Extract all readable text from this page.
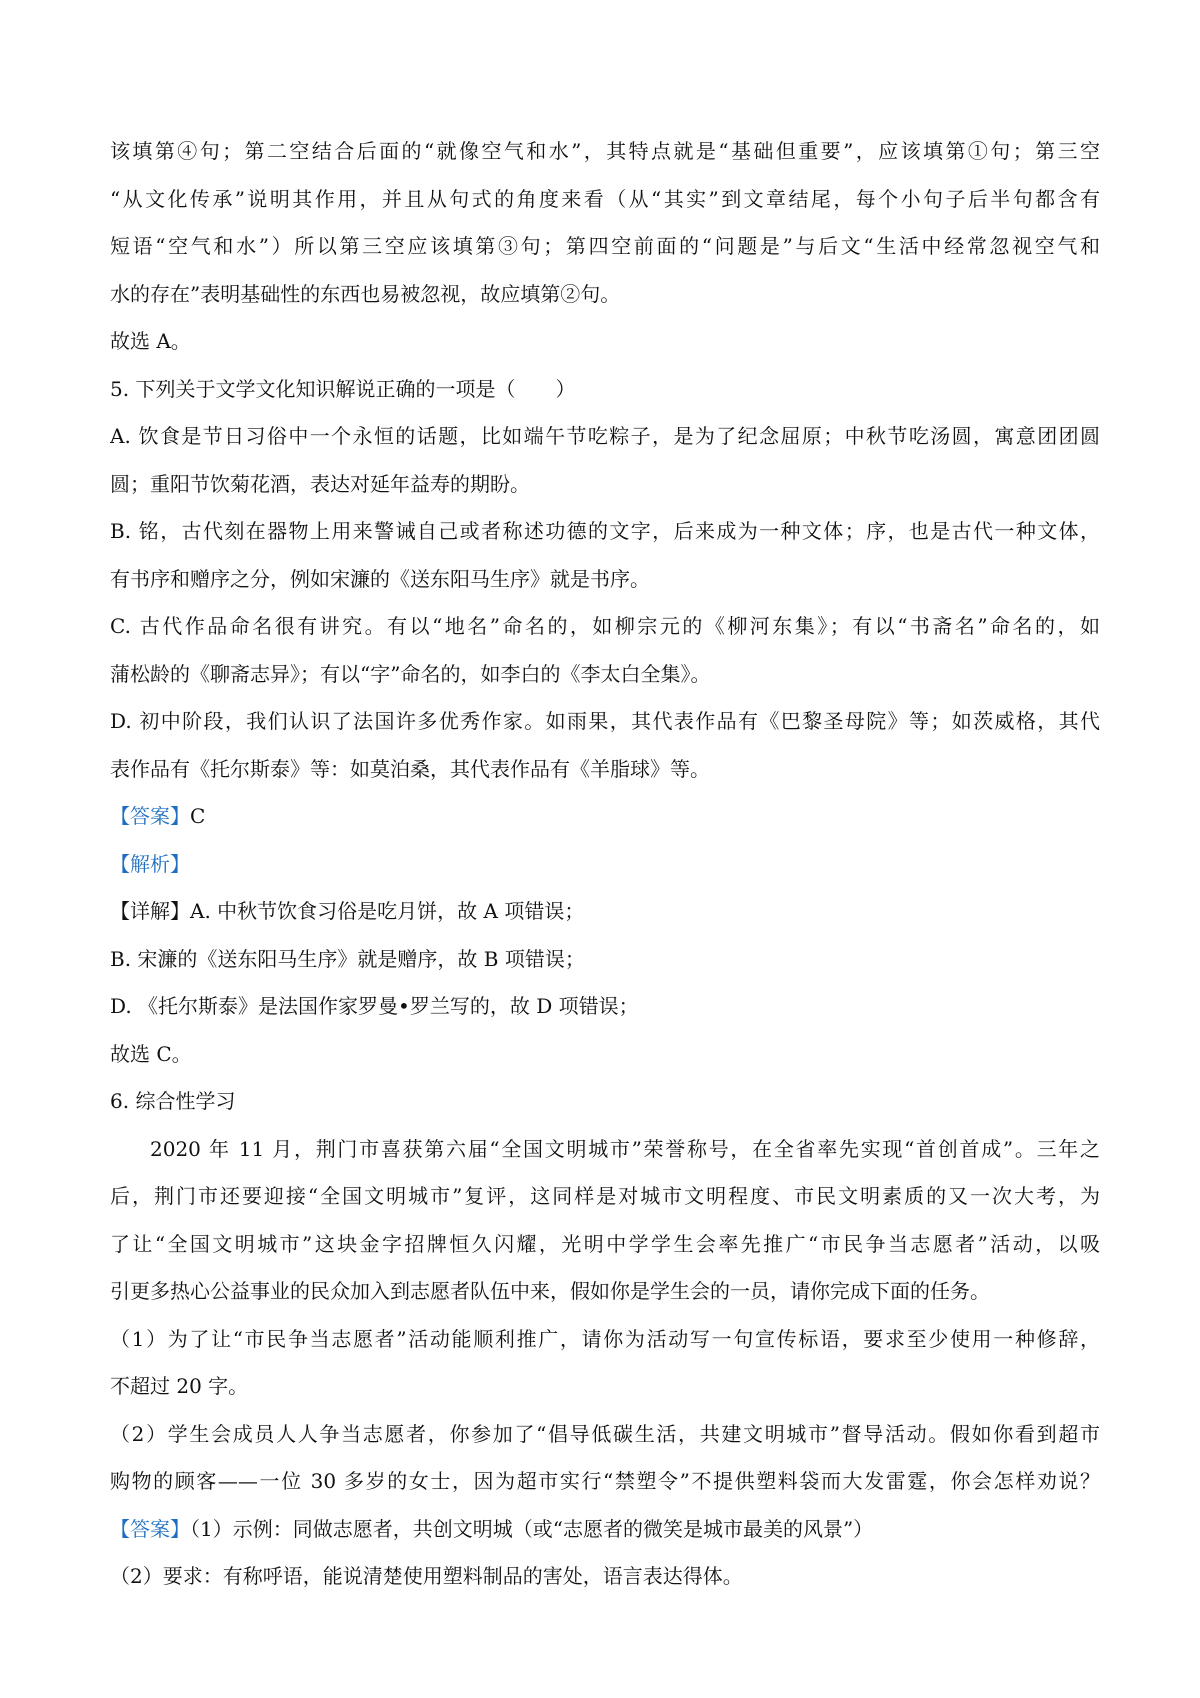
该填第④句；第二空结合后面的“就像空气和水”，其特点就是“基础但重要”，应该填第①句；第三空

“从文化传承”说明其作用，并且从句式的角度来看（从“其实”到文章结尾，每个小句子后半句都含有

短语“空气和水”）所以第三空应该填第③句；第四空前面的“问题是”与后文“生活中经常忽视空气和

水的存在”表明基础性的东西也易被忽视，故应填第②句。

故选 A。

5. 下列关于文学文化知识解说正确的一项是（　　）

A. 饮食是节日习俗中一个永恒的话题，比如端午节吃粽子，是为了纪念屈原；中秋节吃汤圆，寓意团团圆

圆；重阳节饮菊花酒，表达对延年益寿的期盼。

B. 铭，古代刻在器物上用来警诫自己或者称述功德的文字，后来成为一种文体；序，也是古代一种文体，

有书序和赠序之分，例如宋濂的《送东阳马生序》就是书序。

C. 古代作品命名很有讲究。有以“地名”命名的，如柳宗元的《柳河东集》；有以“书斋名”命名的，如

蒲松龄的《聊斋志异》；有以“字”命名的，如李白的《李太白全集》。

D. 初中阶段，我们认识了法国许多优秀作家。如雨果，其代表作品有《巴黎圣母院》等；如茨威格，其代

表作品有《托尔斯泰》等：如莫泊桑，其代表作品有《羊脂球》等。

【答案】C

【解析】

【详解】A. 中秋节饮食习俗是吃月饼，故 A 项错误；

B. 宋濂的《送东阳马生序》就是赠序，故 B 项错误；

D. 《托尔斯泰》是法国作家罗曼•罗兰写的，故 D 项错误；

故选 C。

6. 综合性学习

2020 年 11 月，荆门市喜获第六届“全国文明城市”荣誉称号，在全省率先实现“首创首成”。三年之

后，荆门市还要迎接“全国文明城市”复评，这同样是对城市文明程度、市民文明素质的又一次大考，为

了让“全国文明城市”这块金字招牌恒久闪耀，光明中学学生会率先推广“市民争当志愿者”活动，以吸

引更多热心公益事业的民众加入到志愿者队伍中来，假如你是学生会的一员，请你完成下面的任务。

（1）为了让“市民争当志愿者”活动能顺利推广，请你为活动写一句宣传标语，要求至少使用一种修辞，

不超过 20 字。

（2）学生会成员人人争当志愿者，你参加了“倡导低碳生活，共建文明城市”督导活动。假如你看到超市

购物的顾客——一位 30 多岁的女士，因为超市实行“禁塑令”不提供塑料袋而大发雷霆，你会怎样劝说？

【答案】（1）示例：同做志愿者，共创文明城（或“志愿者的微笑是城市最美的风景”）

（2）要求：有称呼语，能说清楚使用塑料制品的害处，语言表达得体。
